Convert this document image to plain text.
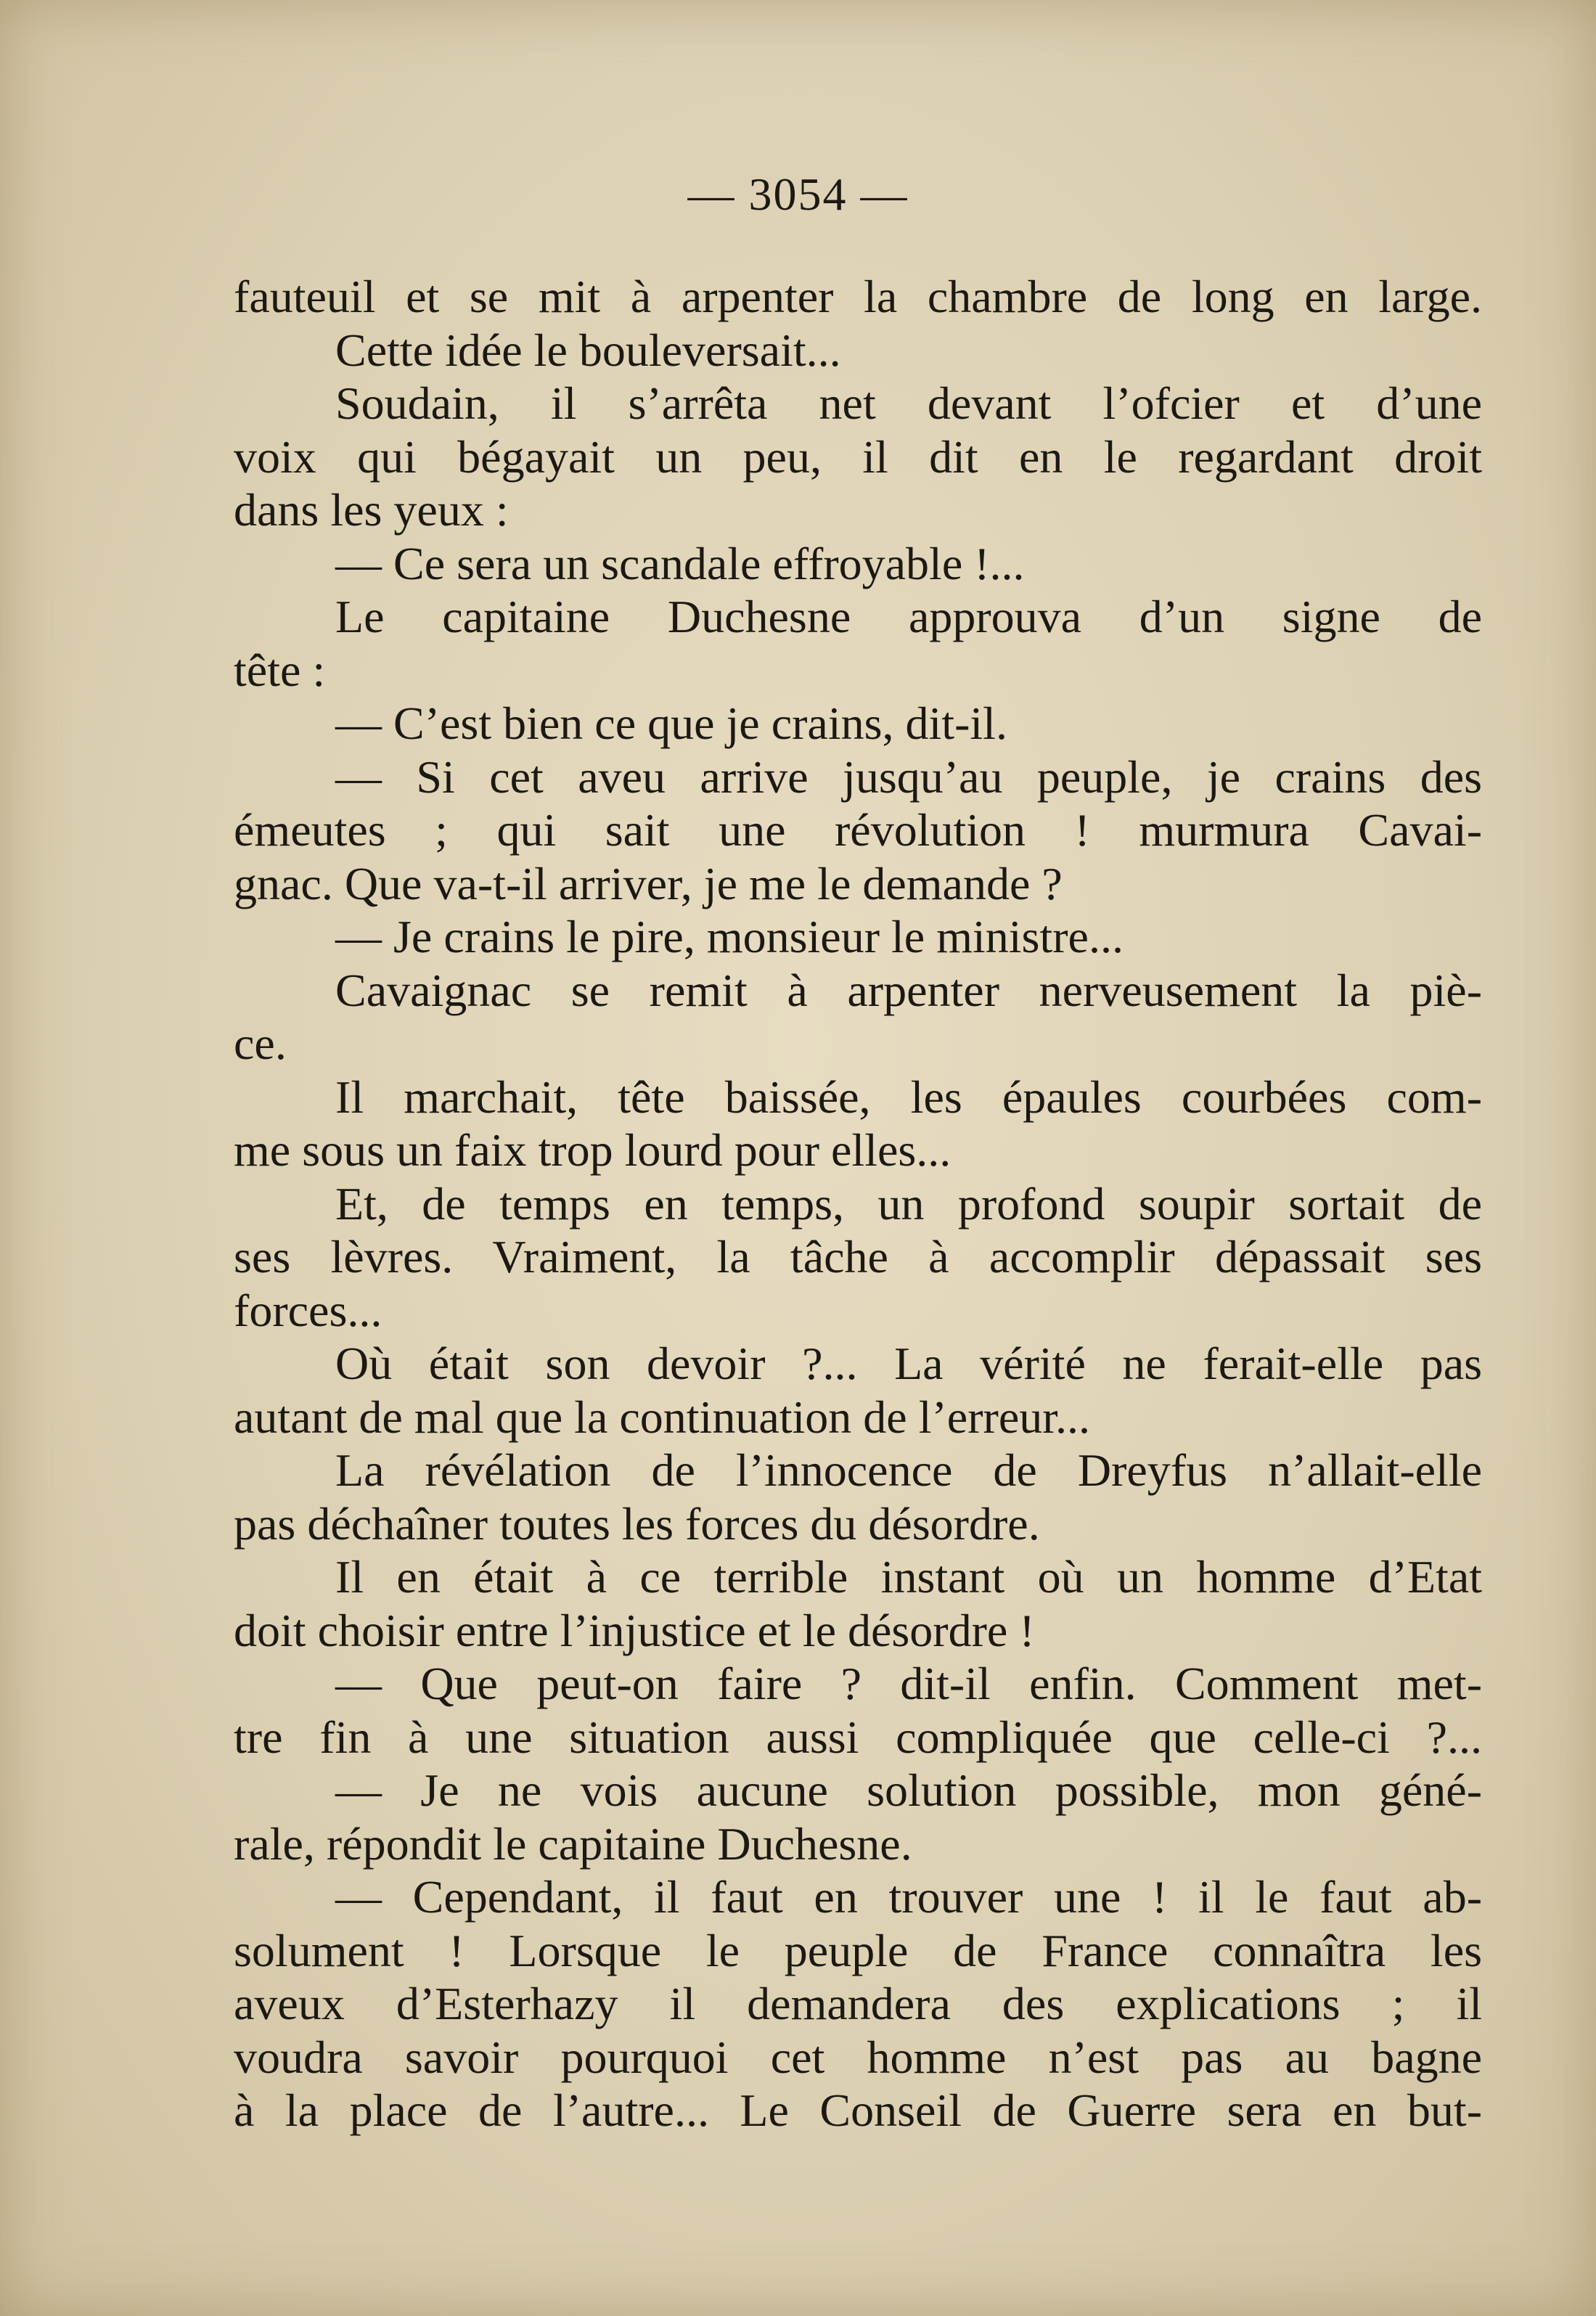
— 3054 —
fauteuil et se mit à arpenter la chambre de long en large.
Cette idée le bouleversait...
Soudain, il s’arrêta net devant l’ofcier et d’une
voix qui bégayait un peu, il dit en le regardant droit
dans les yeux :
— Ce sera un scandale effroyable !...
Le capitaine Duchesne approuva d’un signe de
tête :
— C’est bien ce que je crains, dit-il.
— Si cet aveu arrive jusqu’au peuple, je crains des
émeutes ; qui sait une révolution ! murmura Cavai-
gnac. Que va-t-il arriver, je me le demande ?
— Je crains le pire, monsieur le ministre...
Cavaignac se remit à arpenter nerveusement la piè-
ce.
Il marchait, tête baissée, les épaules courbées com-
me sous un faix trop lourd pour elles...
Et, de temps en temps, un profond soupir sortait de
ses lèvres. Vraiment, la tâche à accomplir dépassait ses
forces...
Où était son devoir ?... La vérité ne ferait-elle pas
autant de mal que la continuation de l’erreur...
La révélation de l’innocence de Dreyfus n’allait-elle
pas déchaîner toutes les forces du désordre.
Il en était à ce terrible instant où un homme d’Etat
doit choisir entre l’injustice et le désordre !
— Que peut-on faire ? dit-il enfin. Comment met-
tre fin à une situation aussi compliquée que celle-ci ?...
— Je ne vois aucune solution possible, mon géné-
rale, répondit le capitaine Duchesne.
— Cependant, il faut en trouver une ! il le faut ab-
solument ! Lorsque le peuple de France connaîtra les
aveux d’Esterhazy il demandera des explications ; il
voudra savoir pourquoi cet homme n’est pas au bagne
à la place de l’autre... Le Conseil de Guerre sera en but-
